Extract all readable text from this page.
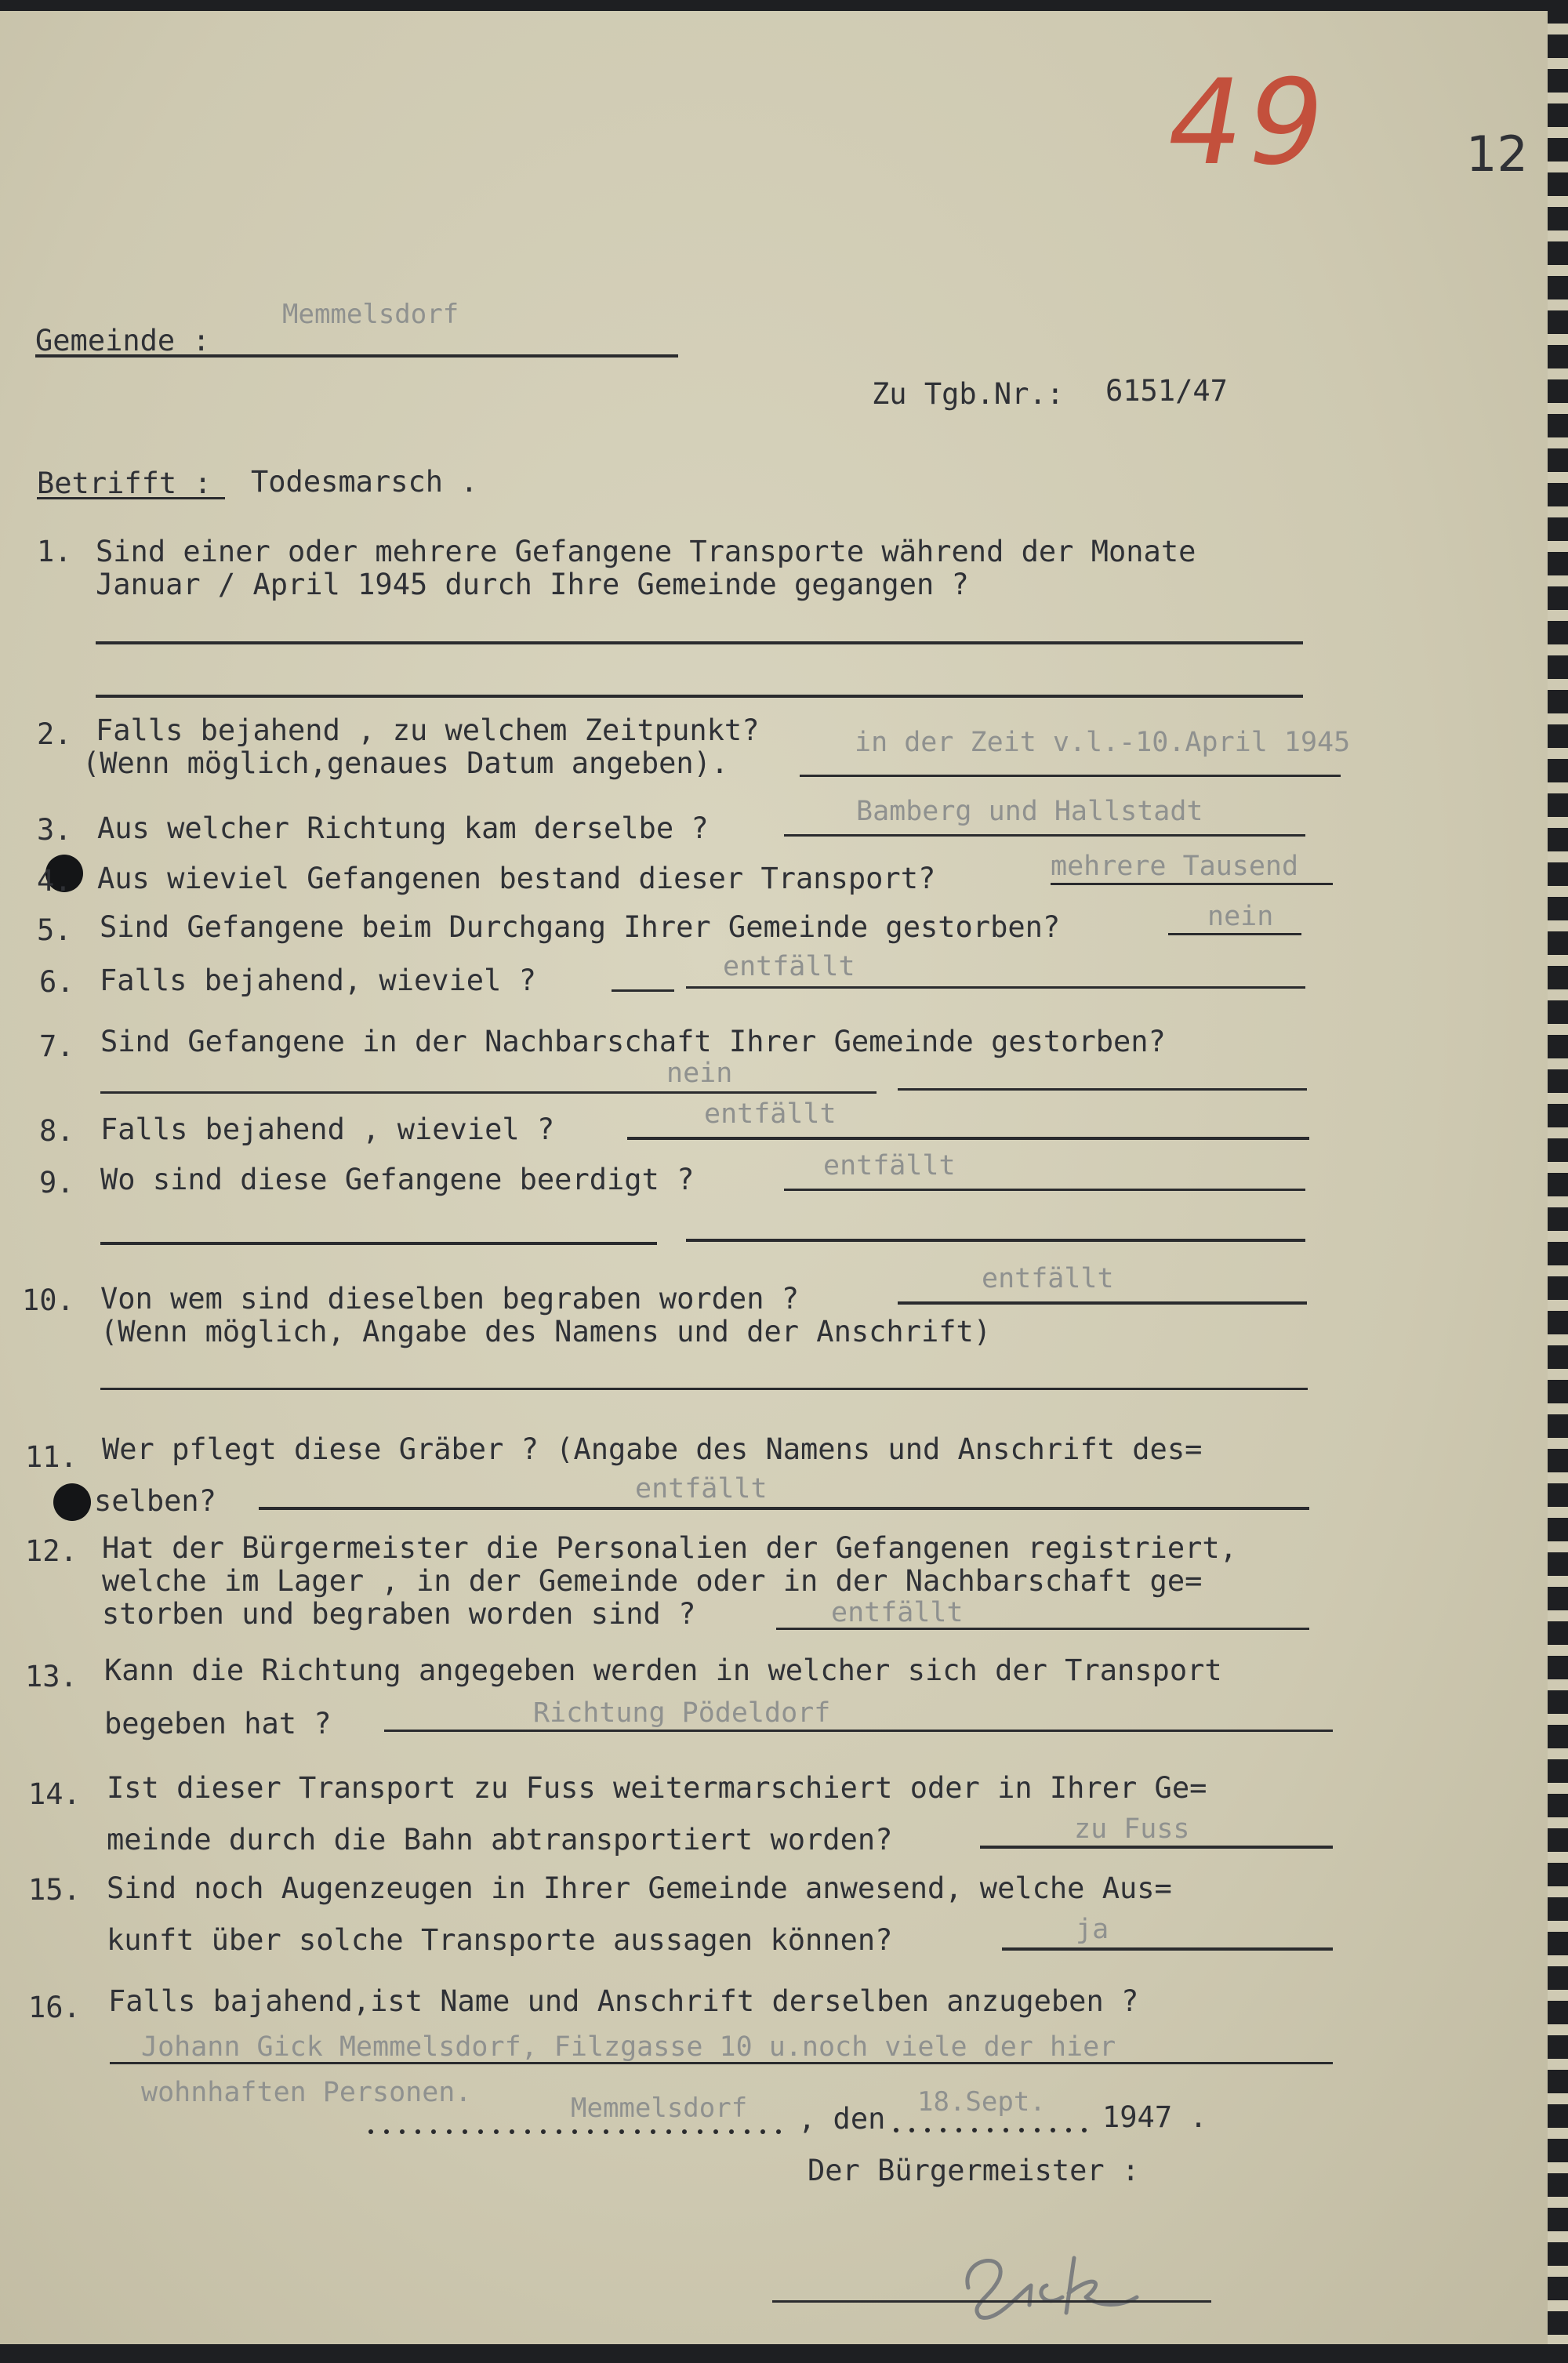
49	12
Memmelsdorf
Gemeinde :
Zu Tgb.Nr.: 6151/47
Betrifft : Todesmarsch .
1. Sind einer oder mehrere Gefangene Transporte während der Monate
Januar / April 1945 durch Ihre Gemeinde gegangen ?
2. Falls bejahend , zu welchem Zeitpunkt?
(Wenn möglich,genaues Datum angeben).
in der Zeit v.l.-10.April 1945
3. Aus welcher Richtung kam derselbe ?	Bamberg und Hallstadt
4. Aus wieviel Gefangenen bestand dieser Transport?	mehrere Tausend
5. Sind Gefangene beim Durchgang Ihrer Gemeinde gestorben?	nein
6. Falls bejahend, wieviel ?	entfällt
7. Sind Gefangene in der Nachbarschaft Ihrer Gemeinde gestorben?
nein
8. Falls bejahend , wieviel ?	entfällt
9. Wo sind diese Gefangene beerdigt ?	entfällt
10. Von wem sind dieselben begraben worden ?
(Wenn möglich, Angabe des Namens und der Anschrift)
entfällt
11. Wer pflegt diese Gräber ? (Angabe des Namens und Anschrift des=
selben?	entfällt
12. Hat der Bürgermeister die Personalien der Gefangenen registriert,
welche im Lager , in der Gemeinde oder in der Nachbarschaft ge=
storben und begraben worden sind ?	entfällt
13. Kann die Richtung angegeben werden in welcher sich der Transport
begeben hat ?	Richtung Pödeldorf
14. Ist dieser Transport zu Fuss weitermarschiert oder in Ihrer Ge=
meinde durch die Bahn abtransportiert worden?	zu Fuss
15. Sind noch Augenzeugen in Ihrer Gemeinde anwesend, welche Aus=
kunft über solche Transporte aussagen können?	ja
16. Falls bajahend,ist Name und Anschrift derselben anzugeben ?
Johann Gick Memmelsdorf, Filzgasse 10 u.noch viele der hier
wohnhaften Personen.	Memmelsdorf , den 18.Sept. 1947 .
Der Bürgermeister :
